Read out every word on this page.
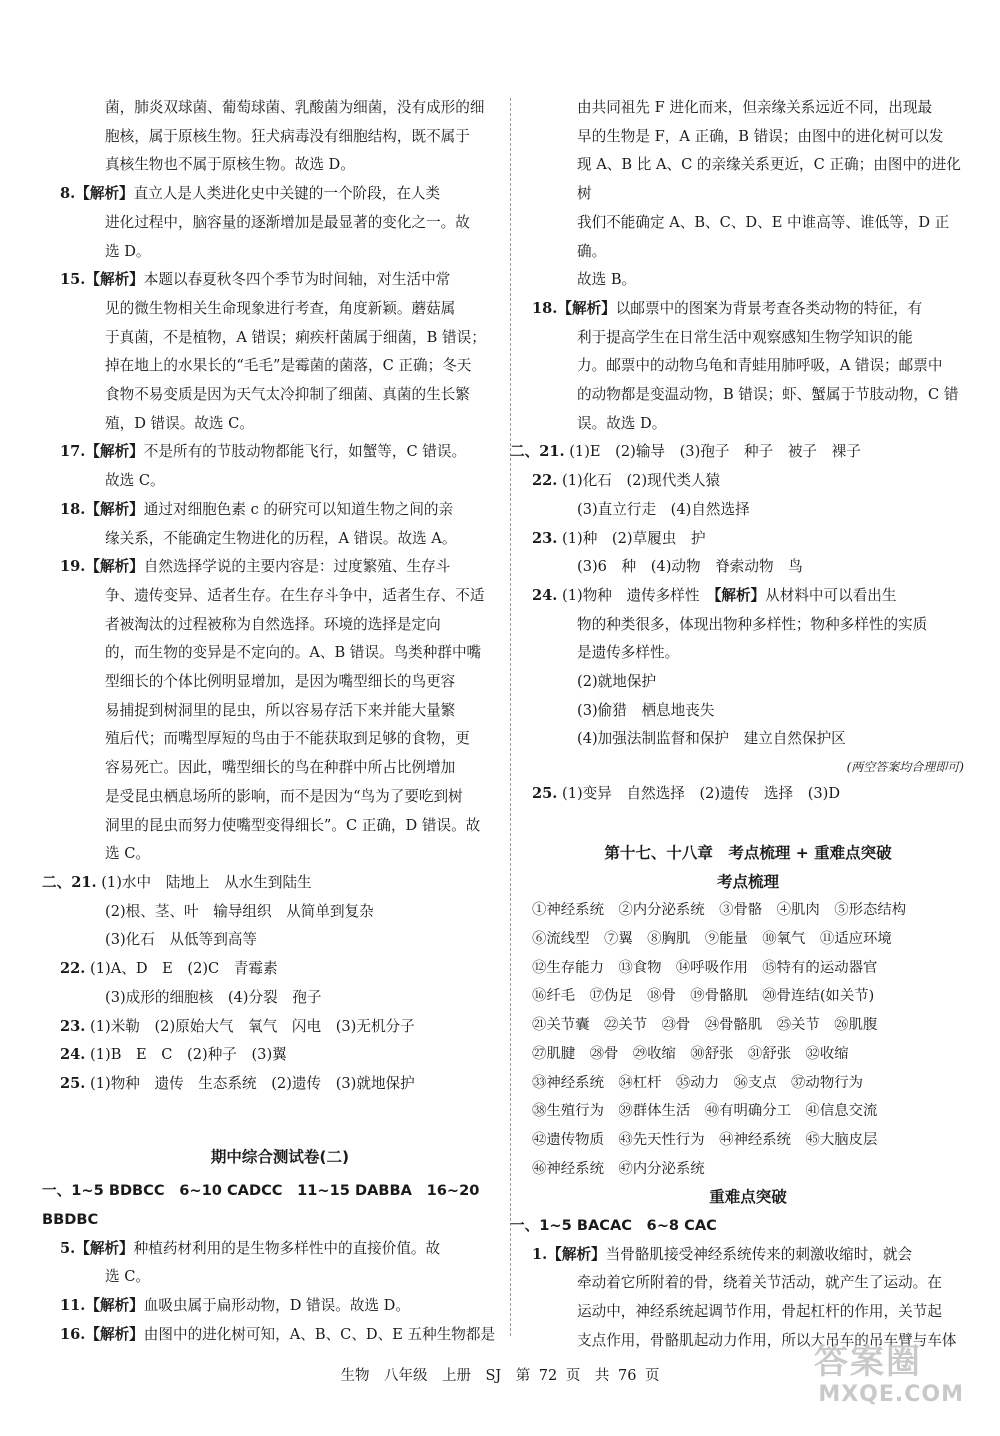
菌，肺炎双球菌、葡萄球菌、乳酸菌为细菌，没有成形的细
胞核，属于原核生物。狂犬病毒没有细胞结构，既不属于
真核生物也不属于原核生物。故选 D。
8.【解析】直立人是人类进化史中关键的一个阶段，在人类
进化过程中，脑容量的逐渐增加是最显著的变化之一。故
选 D。
15.【解析】本题以春夏秋冬四个季节为时间轴，对生活中常
见的微生物相关生命现象进行考查，角度新颖。蘑菇属
于真菌，不是植物，A 错误；痢疾杆菌属于细菌，B 错误；
掉在地上的水果长的“毛毛”是霉菌的菌落，C 正确；冬天
食物不易变质是因为天气太冷抑制了细菌、真菌的生长繁
殖，D 错误。故选 C。
17.【解析】不是所有的节肢动物都能飞行，如蟹等，C 错误。
故选 C。
18.【解析】通过对细胞色素 c 的研究可以知道生物之间的亲
缘关系，不能确定生物进化的历程，A 错误。故选 A。
19.【解析】自然选择学说的主要内容是：过度繁殖、生存斗
争、遗传变异、适者生存。在生存斗争中，适者生存、不适
者被淘汰的过程被称为自然选择。环境的选择是定向
的，而生物的变异是不定向的。A、B 错误。鸟类种群中嘴
型细长的个体比例明显增加，是因为嘴型细长的鸟更容
易捕捉到树洞里的昆虫，所以容易存活下来并能大量繁
殖后代；而嘴型厚短的鸟由于不能获取到足够的食物，更
容易死亡。因此，嘴型细长的鸟在种群中所占比例增加
是受昆虫栖息场所的影响，而不是因为“鸟为了要吃到树
洞里的昆虫而努力使嘴型变得细长”。C 正确，D 错误。故
选 C。
二、21. (1)水中　陆地上　从水生到陆生
(2)根、茎、叶　输导组织　从简单到复杂
(3)化石　从低等到高等
22. (1)A、D　E　(2)C　青霉素
(3)成形的细胞核　(4)分裂　孢子
23. (1)米勒　(2)原始大气　氧气　闪电　(3)无机分子
24. (1)B　E　C　(2)种子　(3)翼
25. (1)物种　遗传　生态系统　(2)遗传　(3)就地保护
期中综合测试卷(二)
一、1~5 BDBCC　6~10 CADCC　11~15 DABBA　16~20 BBDBC
5.【解析】种植药材利用的是生物多样性中的直接价值。故
选 C。
11.【解析】血吸虫属于扁形动物，D 错误。故选 D。
16.【解析】由图中的进化树可知，A、B、C、D、E 五种生物都是
由共同祖先 F 进化而来，但亲缘关系远近不同，出现最
早的生物是 F，A 正确，B 错误；由图中的进化树可以发
现 A、B 比 A、C 的亲缘关系更近，C 正确；由图中的进化树
我们不能确定 A、B、C、D、E 中谁高等、谁低等，D 正确。
故选 B。
18.【解析】以邮票中的图案为背景考查各类动物的特征，有
利于提高学生在日常生活中观察感知生物学知识的能
力。邮票中的动物乌龟和青蛙用肺呼吸，A 错误；邮票中
的动物都是变温动物，B 错误；虾、蟹属于节肢动物，C 错
误。故选 D。
二、21. (1)E　(2)输导　(3)孢子　种子　被子　裸子
22. (1)化石　(2)现代类人猿
(3)直立行走　(4)自然选择
23. (1)种　(2)草履虫　护
(3)6　种　(4)动物　脊索动物　鸟
24. (1)物种　遗传多样性　【解析】从材料中可以看出生
物的种类很多，体现出物种多样性；物种多样性的实质
是遗传多样性。
(2)就地保护
(3)偷猎　栖息地丧失
(4)加强法制监督和保护　建立自然保护区
(两空答案均合理即可)
25. (1)变异　自然选择　(2)遗传　选择　(3)D
第十七、十八章　考点梳理 + 重难点突破
考点梳理
①神经系统　②内分泌系统　③骨骼　④肌肉　⑤形态结构
⑥流线型　⑦翼　⑧胸肌　⑨能量　⑩氧气　⑪适应环境
⑫生存能力　⑬食物　⑭呼吸作用　⑮特有的运动器官
⑯纤毛　⑰伪足　⑱骨　⑲骨骼肌　⑳骨连结(如关节)
㉑关节囊　㉒关节　㉓骨　㉔骨骼肌　㉕关节　㉖肌腹
㉗肌腱　㉘骨　㉙收缩　㉚舒张　㉛舒张　㉜收缩
㉝神经系统　㉞杠杆　㉟动力　㊱支点　㊲动物行为
㊳生殖行为　㊴群体生活　㊵有明确分工　㊶信息交流
㊷遗传物质　㊸先天性行为　㊹神经系统　㊺大脑皮层
㊻神经系统　㊼内分泌系统
重难点突破
一、1~5 BACAC　6~8 CAC
1.【解析】当骨骼肌接受神经系统传来的刺激收缩时，就会
牵动着它所附着的骨，绕着关节活动，就产生了运动。在
运动中，神经系统起调节作用，骨起杠杆的作用，关节起
支点作用，骨骼肌起动力作用，所以大吊车的吊车臂与车体
生物　八年级　上册　SJ　第 72 页　共 76 页	答案圈
MXQE.COM
